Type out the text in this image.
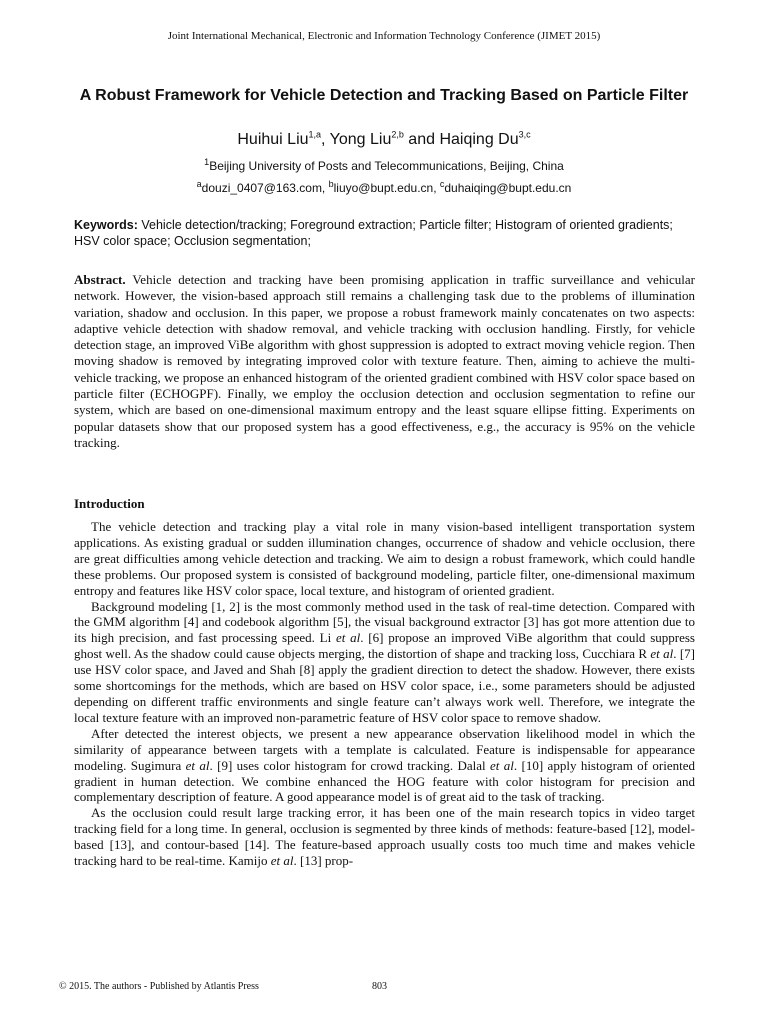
Joint International Mechanical, Electronic and Information Technology Conference (JIMET 2015)
A Robust Framework for Vehicle Detection and Tracking Based on Particle Filter
Huihui Liu$^{1,a}$, Yong Liu$^{2,b}$ and Haiqing Du$^{3,c}$
$^1$Beijing University of Posts and Telecommunications, Beijing, China
$^a$douzi_0407@163.com, $^b$liuyo@bupt.edu.cn, $^c$duhaiqing@bupt.edu.cn
Keywords: Vehicle detection/tracking; Foreground extraction; Particle filter; Histogram of oriented gradients; HSV color space; Occlusion segmentation;
Abstract. Vehicle detection and tracking have been promising application in traffic surveillance and vehicular network. However, the vision-based approach still remains a challenging task due to the problems of illumination variation, shadow and occlusion. In this paper, we propose a robust framework mainly concatenates on two aspects: adaptive vehicle detection with shadow removal, and vehicle tracking with occlusion handling. Firstly, for vehicle detection stage, an improved ViBe algorithm with ghost suppression is adopted to extract moving vehicle region. Then moving shadow is removed by integrating improved color with texture feature. Then, aiming to achieve the multi-vehicle tracking, we propose an enhanced histogram of the oriented gradient combined with HSV color space based on particle filter (ECHOGPF). Finally, we employ the occlusion detection and occlusion segmentation to refine our system, which are based on one-dimensional maximum entropy and the least square ellipse fitting. Experiments on popular datasets show that our proposed system has a good effectiveness, e.g., the accuracy is 95% on the vehicle tracking.
Introduction

The vehicle detection and tracking play a vital role in many vision-based intelligent transportation system applications. As existing gradual or sudden illumination changes, occurrence of shadow and vehicle occlusion, there are great difficulties among vehicle detection and tracking. We aim to design a robust framework, which could handle these problems. Our proposed system is consisted of background modeling, particle filter, one-dimensional maximum entropy and features like HSV color space, local texture, and histogram of oriented gradient.

Background modeling [1, 2] is the most commonly method used in the task of real-time detection. Compared with the GMM algorithm [4] and codebook algorithm [5], the visual background extractor [3] has got more attention due to its high precision, and fast processing speed. Li et al. [6] propose an improved ViBe algorithm that could suppress ghost well. As the shadow could cause objects merging, the distortion of shape and tracking loss, Cucchiara R et al. [7] use HSV color space, and Javed and Shah [8] apply the gradient direction to detect the shadow. However, there exists some shortcomings for the methods, which are based on HSV color space, i.e., some parameters should be adjusted depending on different traffic environments and single feature can’t always work well. Therefore, we integrate the local texture feature with an improved non-parametric feature of HSV color space to remove shadow.

After detected the interest objects, we present a new appearance observation likelihood model in which the similarity of appearance between targets with a template is calculated. Feature is indispensable for appearance modeling. Sugimura et al. [9] uses color histogram for crowd tracking. Dalal et al. [10] apply histogram of oriented gradient in human detection. We combine enhanced the HOG feature with color histogram for precision and complementary description of feature. A good appearance model is of great aid to the task of tracking.

As the occlusion could result large tracking error, it has been one of the main research topics in video target tracking field for a long time. In general, occlusion is segmented by three kinds of methods: feature-based [12], model-based [13], and contour-based [14]. The feature-based approach usually costs too much time and makes vehicle tracking hard to be real-time. Kamijo et al. [13] prop-

© 2015. The authors - Published by Atlantis Press	803
